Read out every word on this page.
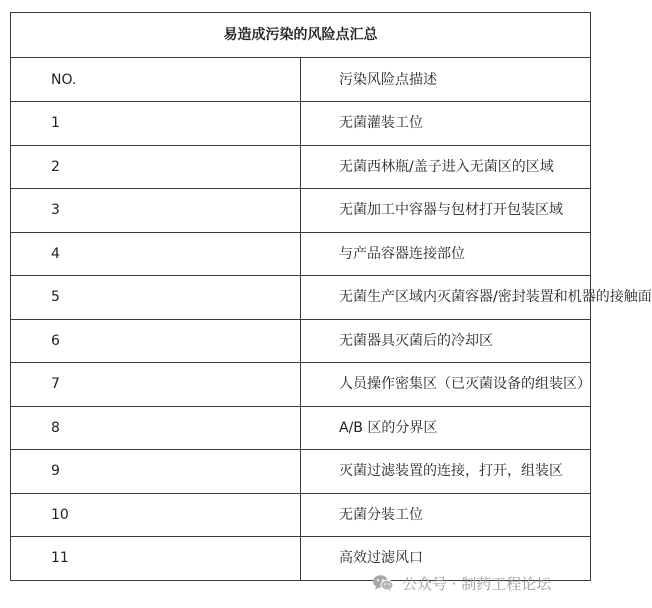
易造成污染的风险点汇总	
NO.	污染风险点描述
1	无菌灌装工位
2	无菌西林瓶/盖子进入无菌区的区域
3	无菌加工中容器与包材打开包装区域
4	与产品容器连接部位
5	无菌生产区域内灭菌容器/密封装置和机器的接触面
6	无菌器具灭菌后的冷却区
7	人员操作密集区（已灭菌设备的组装区）
8	A/B 区的分界区
9	灭菌过滤装置的连接，打开，组装区
10	无菌分装工位
11	高效过滤风口
公众号 · 制药工程论坛
